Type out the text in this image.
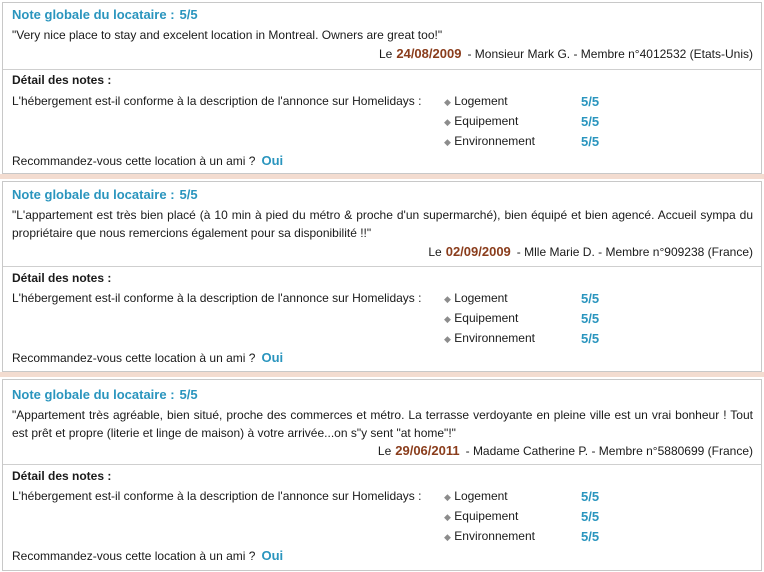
Note globale du locataire : 5/5
"Very nice place to stay and excelent location in Montreal. Owners are great too!"
Le 24/08/2009 - Monsieur Mark G. - Membre n°4012532 (Etats-Unis)
Détail des notes :
L'hébergement est-il conforme à la description de l'annonce sur Homelidays :	◆ Logement	5/5
◆ Equipement	5/5
◆ Environnement	5/5
Recommandez-vous cette location à un ami ? Oui
Note globale du locataire : 5/5
"L'appartement est très bien placé (à 10 min à pied du métro & proche d'un supermarché), bien équipé et bien agencé. Accueil sympa du propriétaire que nous remercions également pour sa disponibilité !!"
Le 02/09/2009 - Mlle Marie D. - Membre n°909238 (France)
Détail des notes :
L'hébergement est-il conforme à la description de l'annonce sur Homelidays :	◆ Logement	5/5
◆ Equipement	5/5
◆ Environnement	5/5
Recommandez-vous cette location à un ami ? Oui
Note globale du locataire : 5/5
"Appartement très agréable, bien situé, proche des commerces et métro. La terrasse verdoyante en pleine ville est un vrai bonheur ! Tout est prêt et propre (literie et linge de maison) à votre arrivée...on s"y sent "at home"!"
Le 29/06/2011 - Madame Catherine P. - Membre n°5880699 (France)
Détail des notes :
L'hébergement est-il conforme à la description de l'annonce sur Homelidays :	◆ Logement	5/5
◆ Equipement	5/5
◆ Environnement	5/5
Recommandez-vous cette location à un ami ? Oui
